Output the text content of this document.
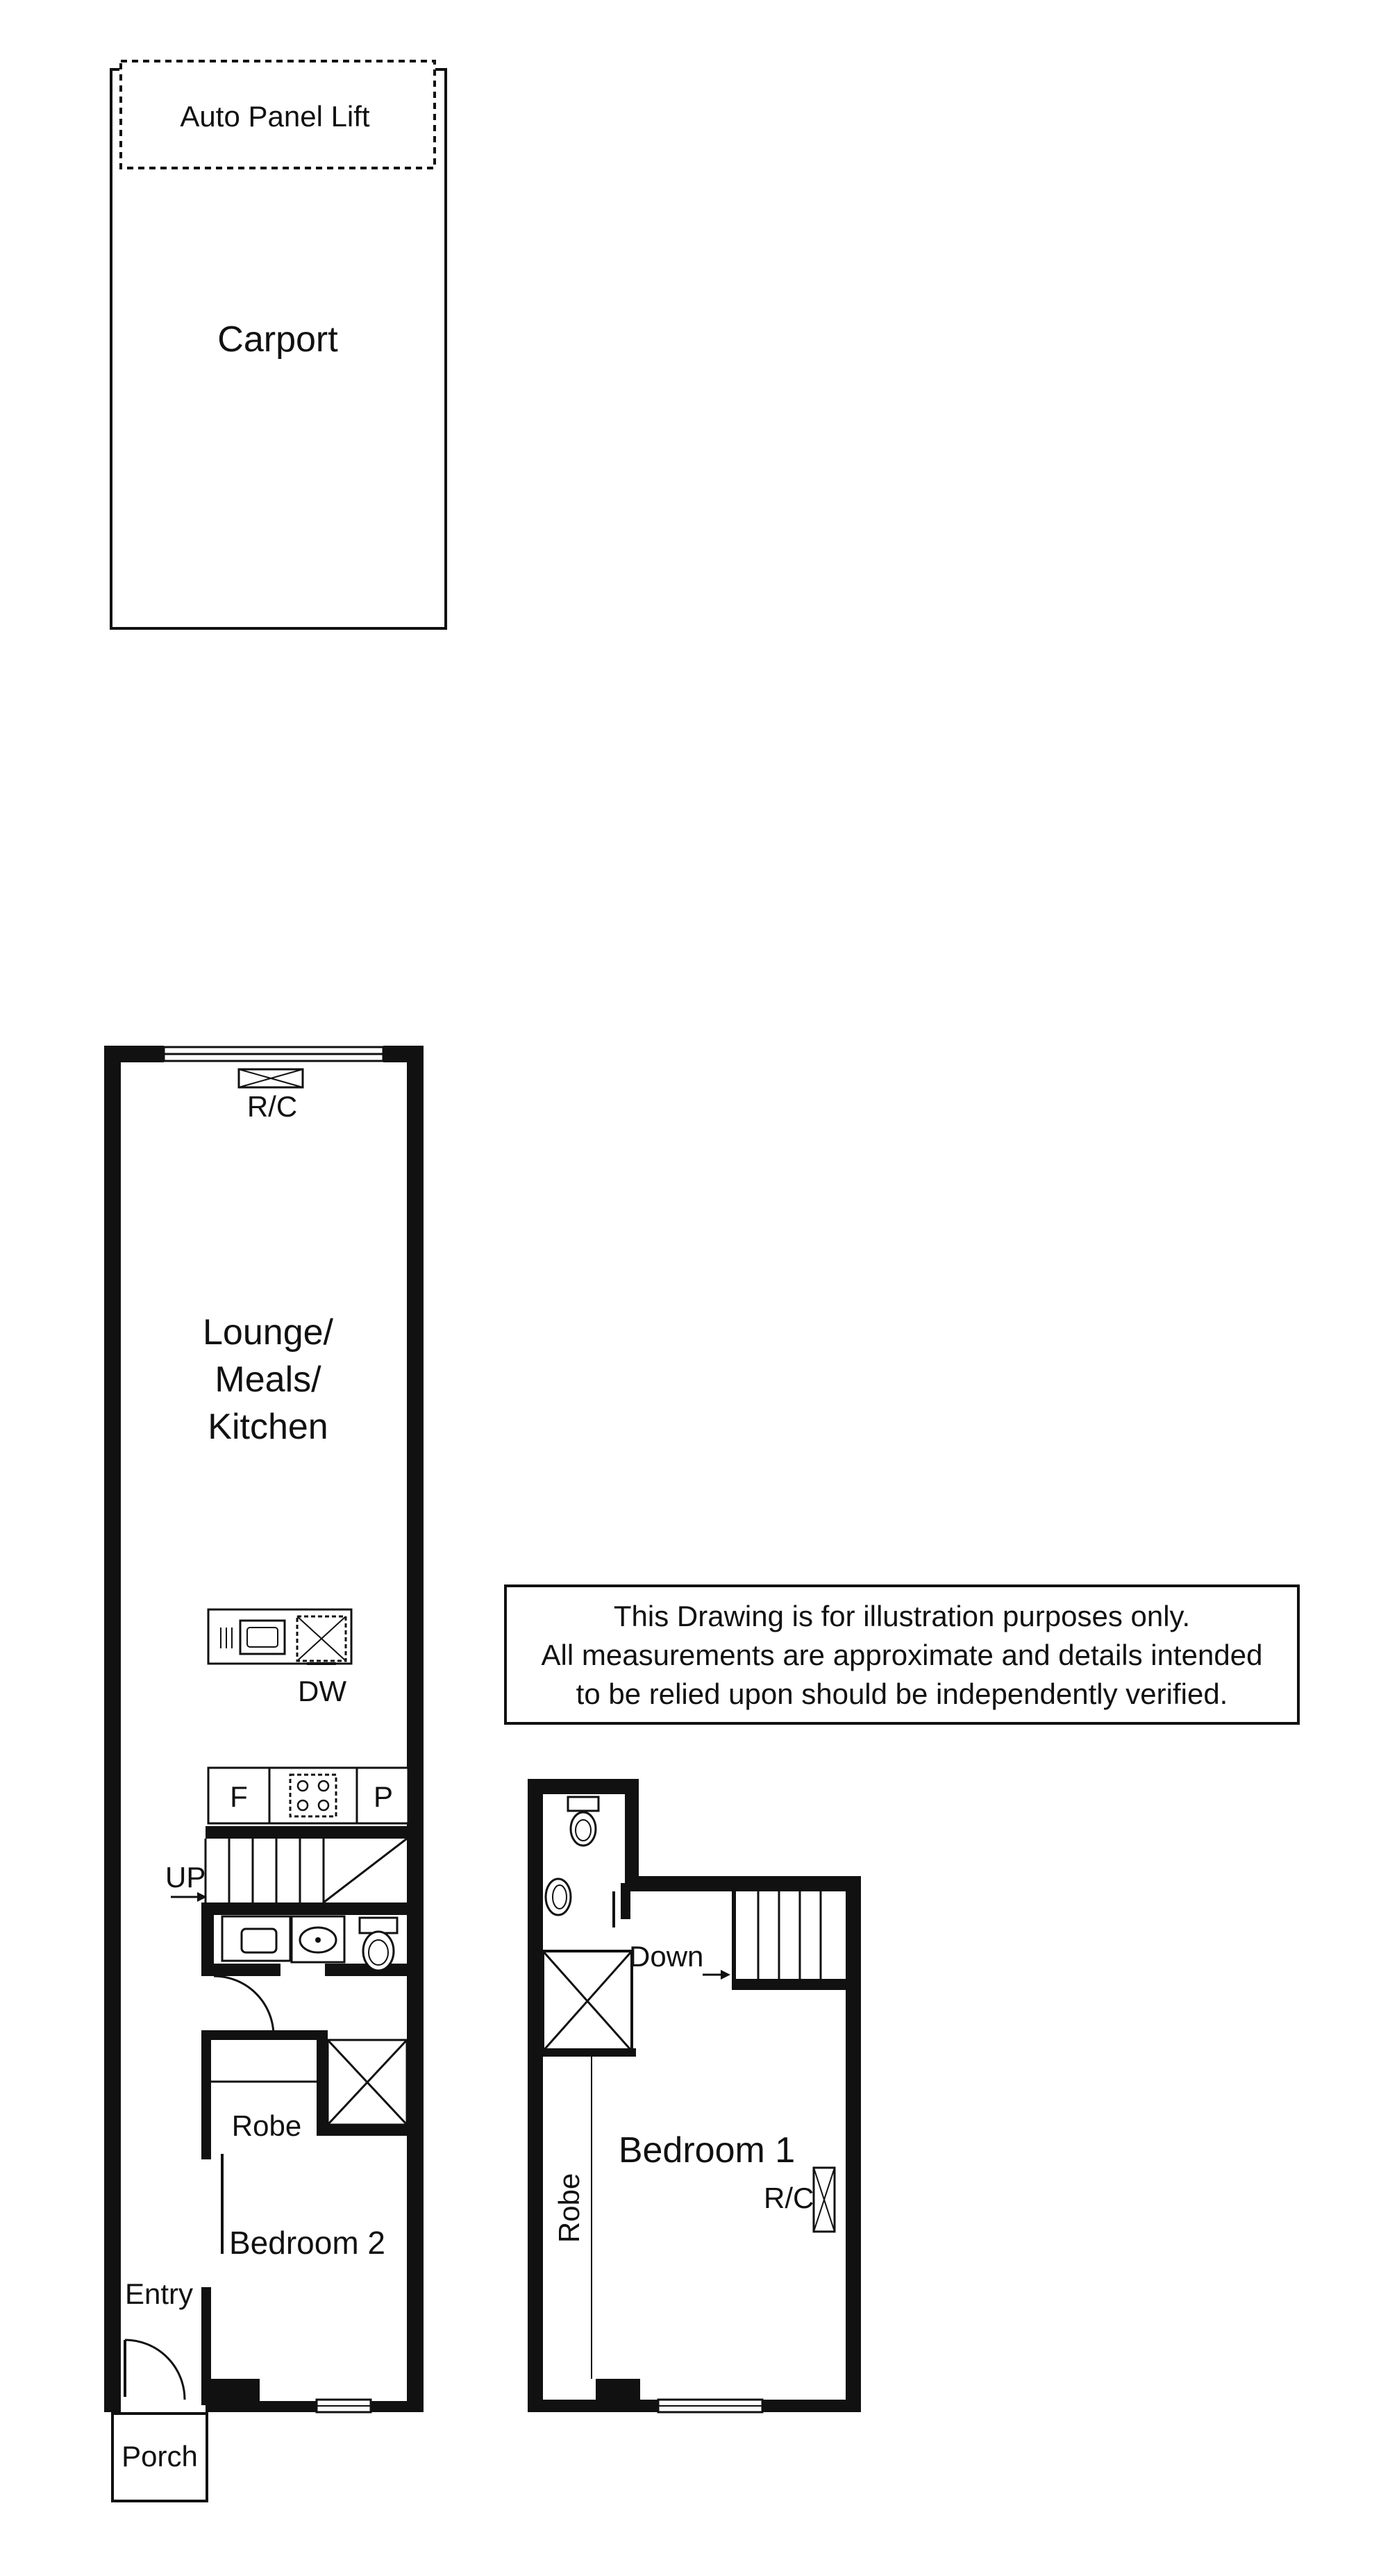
Auto Panel Lift
Carport
R/C
Lounge/
Meals/
Kitchen
DW
F	P
UP
Robe
Bedroom 2
Entry
Porch
This Drawing is for illustration purposes only.
All measurements are approximate and details intended
to be relied upon should be independently verified.
Down
Robe
Bedroom 1
R/C
